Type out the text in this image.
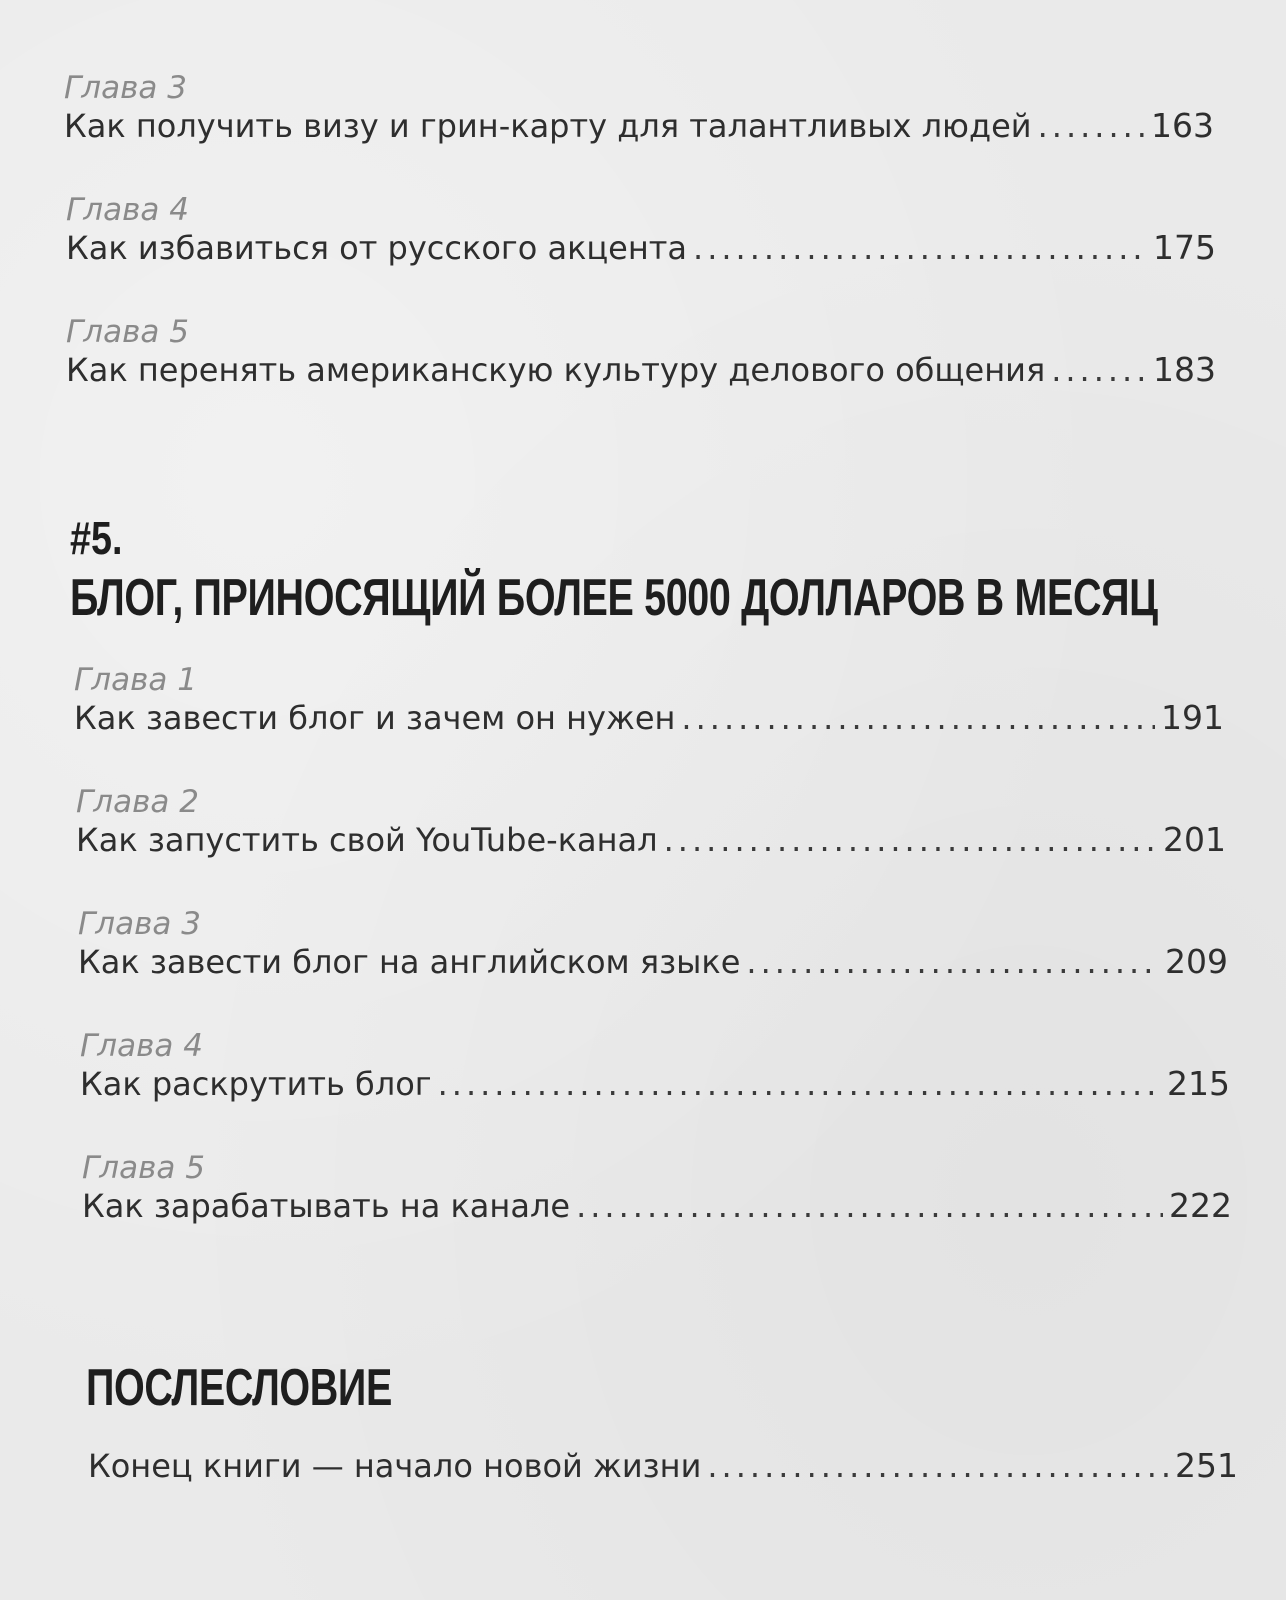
Глава 3

Как получить визу и грин-карту для талантливых людей .....	163

Глава 4

Как избавиться от русского акцента .....	175

Глава 5

Как перенять американскую культуру делового общения .....	183

#5.

БЛОГ, ПРИНОСЯЩИЙ БОЛЕЕ 5000 ДОЛЛАРОВ В МЕСЯЦ

Глава 1

Как завести блог и зачем он нужен .....	191

Глава 2

Как запустить свой YouTube-канал .....	201

Глава 3

Как завести блог на английском языке .....	209

Глава 4

Как раскрутить блог .....	215

Глава 5

Как зарабатывать на канале .....	222

ПОСЛЕСЛОВИЕ

Конец книги — начало новой жизни .....	251
